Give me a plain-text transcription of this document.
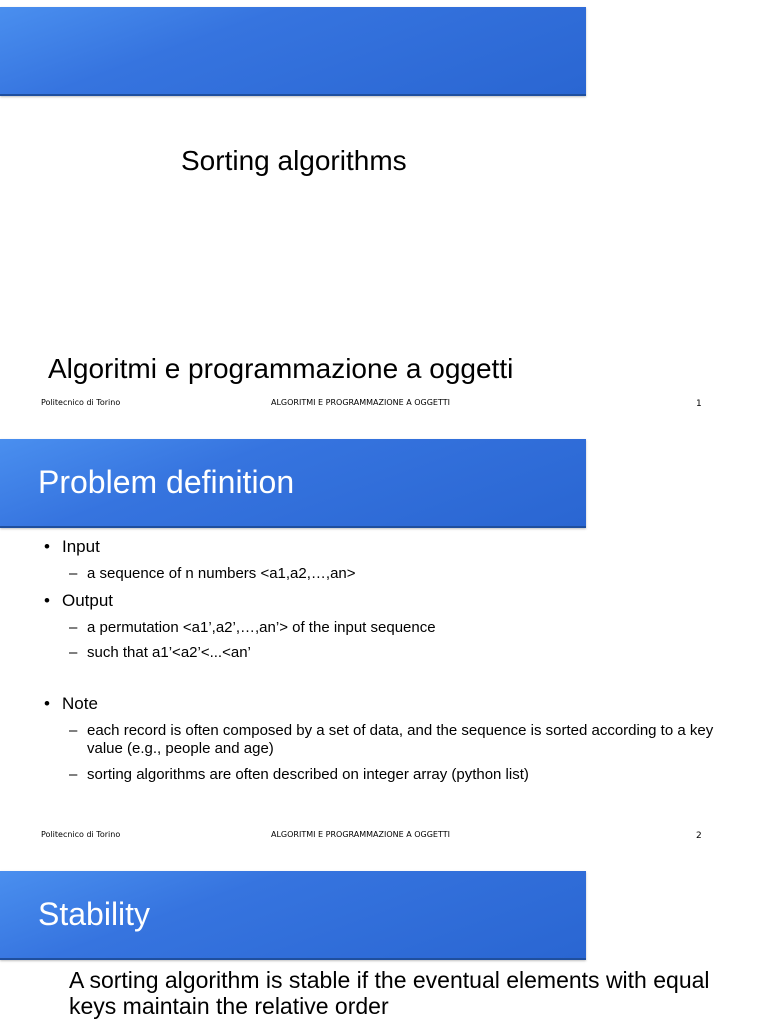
Sorting algorithms
Algoritmi e programmazione a oggetti
Politecnico di Torino	ALGORITMI E PROGRAMMAZIONE A OGGETTI	1
Problem definition
• Input
– a sequence of n numbers <a1,a2,…,an>
• Output
– a permutation <a1’,a2’,…,an’> of the input sequence
– such that a1’<a2’<...<an’
• Note
– each record is often composed by a set of data, and the sequence is sorted according to a key value (e.g., people and age)
– sorting algorithms are often described on integer array (python list)
Politecnico di Torino	ALGORITMI E PROGRAMMAZIONE A OGGETTI	2
Stability
A sorting algorithm is stable if the eventual elements with equal keys maintain the relative order
